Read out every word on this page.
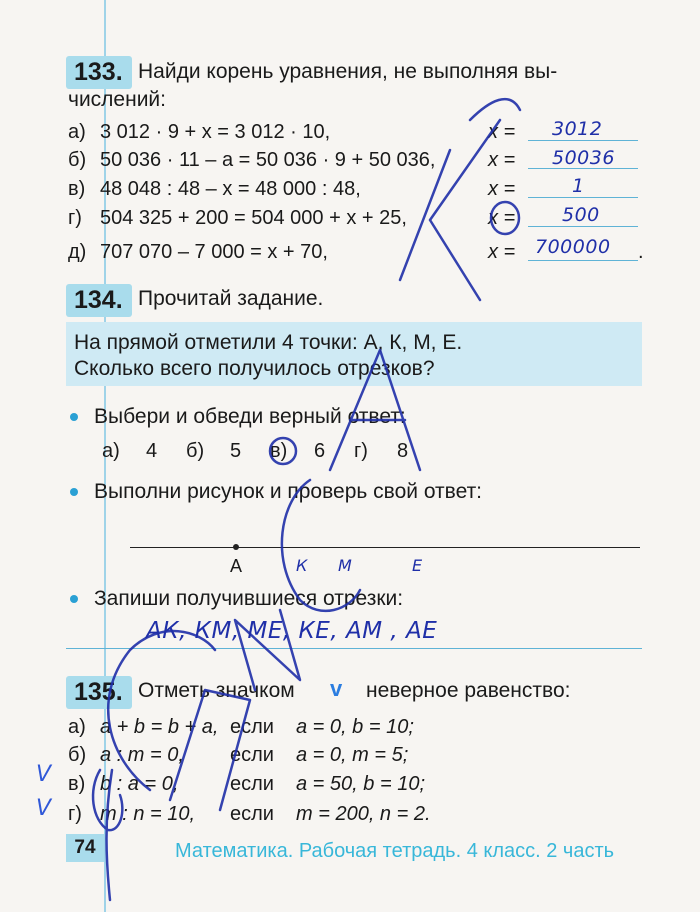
133. Найди корень уравнения, не выполняя вы-
числений:
а) 3 012 · 9 + x = 3 012 · 10,	x = 3012
б) 50 036 · 11 – a = 50 036 · 9 + 50 036,	x = 50036
в) 48 048 : 48 – x = 48 000 : 48,	x =	1
г) 504 325 + 200 = 504 000 + x + 25,	x = 500
д) 707 070 – 7 000 = x + 70,	x = 700000 .
134. Прочитай задание.
На прямой отметили 4 точки: А, К, М, Е.
Сколько всего получилось отрезков?
Выбери и обведи верный ответ:
а) 4 б) 5 в) 6 г) 8
Выполни рисунок и проверь свой ответ:
А	К М	Е
Запиши получившиеся отрезки:
АК, КМ, МЕ, КЕ, АМ , АЕ
135. Отметь значком v неверное равенство:
а) a + b = b + a, если a = 0, b = 10;
б) a : m = 0, если a = 0, m = 5;
в) b : a = 0,	если a = 50, b = 10;
г) m : n = 10, если m = 200, n = 2.
V
V
74	Математика. Рабочая тетрадь. 4 класс. 2 часть
